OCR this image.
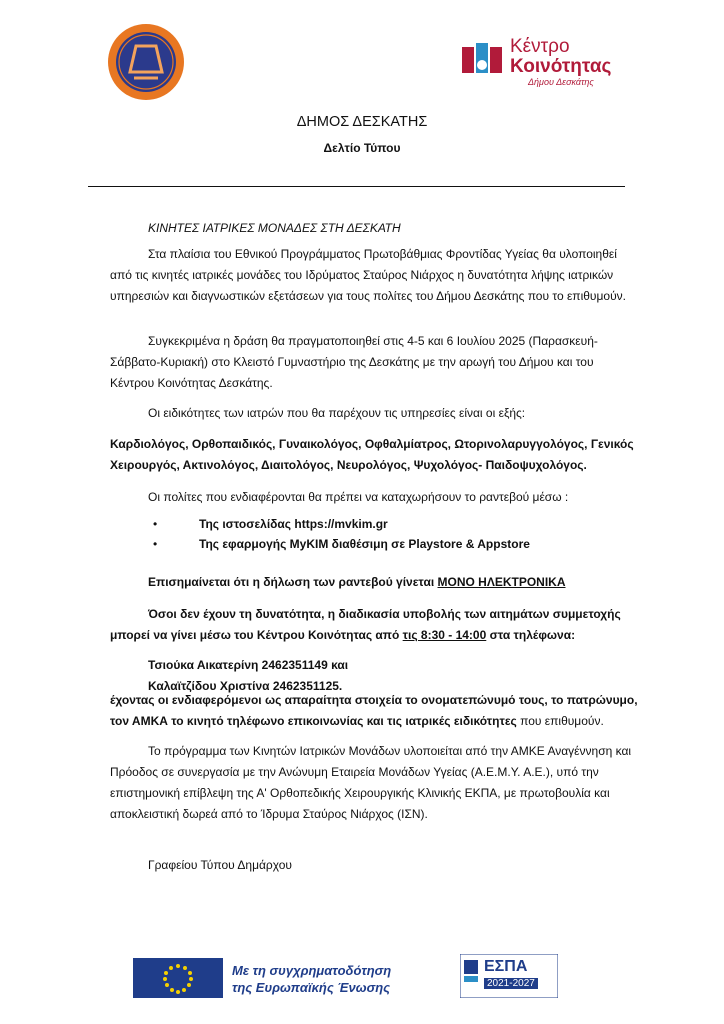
Κέντρο
Κοινότητας
Δήμου Δεσκάτης
ΔΗΜΟΣ ΔΕΣΚΑΤΗΣ
Δελτίο Τύπου
ΚΙΝΗΤΕΣ ΙΑΤΡΙΚΕΣ ΜΟΝΑΔΕΣ ΣΤΗ ΔΕΣΚΑΤΗ

Στα πλαίσια του Εθνικού Προγράμματος Πρωτοβάθμιας Φροντίδας Υγείας θα υλοποιηθεί από τις κινητές ιατρικές μονάδες του Ιδρύματος Σταύρος Νιάρχος η δυνατότητα λήψης ιατρικών υπηρεσιών και διαγνωστικών εξετάσεων για τους πολίτες του Δήμου Δεσκάτης που το επιθυμούν.

Συγκεκριμένα η δράση θα πραγματοποιηθεί στις 4-5 και 6 Ιουλίου 2025 (Παρασκευή-Σάββατο-Κυριακή) στο Κλειστό Γυμναστήριο της Δεσκάτης με την αρωγή του Δήμου και του Κέντρου Κοινότητας Δεσκάτης.

Οι ειδικότητες των ιατρών που θα παρέχουν τις υπηρεσίες είναι οι εξής:

Καρδιολόγος, Ορθοπαιδικός, Γυναικολόγος, Οφθαλμίατρος, Ωτορινολαρυγγολόγος, Γενικός Χειρουργός, Ακτινολόγος, Διαιτολόγος, Νευρολόγος, Ψυχολόγος- Παιδοψυχολόγος.

Οι πολίτες που ενδιαφέρονται θα πρέπει να καταχωρήσουν το ραντεβού μέσω :

•	Της ιστοσελίδας https://mvkim.gr
•	Της εφαρμογής MyKIM διαθέσιμη σε Playstore & Appstore

Επισημαίνεται ότι η δήλωση των ραντεβού γίνεται ΜΟΝΟ ΗΛΕΚΤΡΟΝΙΚΑ

Όσοι δεν έχουν τη δυνατότητα, η διαδικασία υποβολής των αιτημάτων συμμετοχής μπορεί να γίνει μέσω του Κέντρου Κοινότητας από τις 8:30 - 14:00 στα τηλέφωνα:

Τσιούκα Αικατερίνη 2462351149 και

Καλαϊτζίδου Χριστίνα 2462351125.

έχοντας οι ενδιαφερόμενοι ως απαραίτητα στοιχεία το ονοματεπώνυμό τους, το πατρώνυμο, τον ΑΜΚΑ το κινητό τηλέφωνο επικοινωνίας και τις ιατρικές ειδικότητες που επιθυμούν.

Το πρόγραμμα των Κινητών Ιατρικών Μονάδων υλοποιείται από την ΑΜΚΕ Αναγέννηση και Πρόοδος σε συνεργασία με την Ανώνυμη Εταιρεία Μονάδων Υγείας (Α.Ε.Μ.Υ. Α.Ε.), υπό την επιστημονική επίβλεψη της Α' Ορθοπεδικής Χειρουργικής Κλινικής ΕΚΠΑ, με πρωτοβουλία και αποκλειστική δωρεά από το Ίδρυμα Σταύρος Νιάρχος (ΙΣΝ).

Γραφείου Τύπου Δημάρχου
Με τη συγχρηματοδότηση
της Ευρωπαϊκής Ένωσης
ΕΣΠΑ
2021-2027
